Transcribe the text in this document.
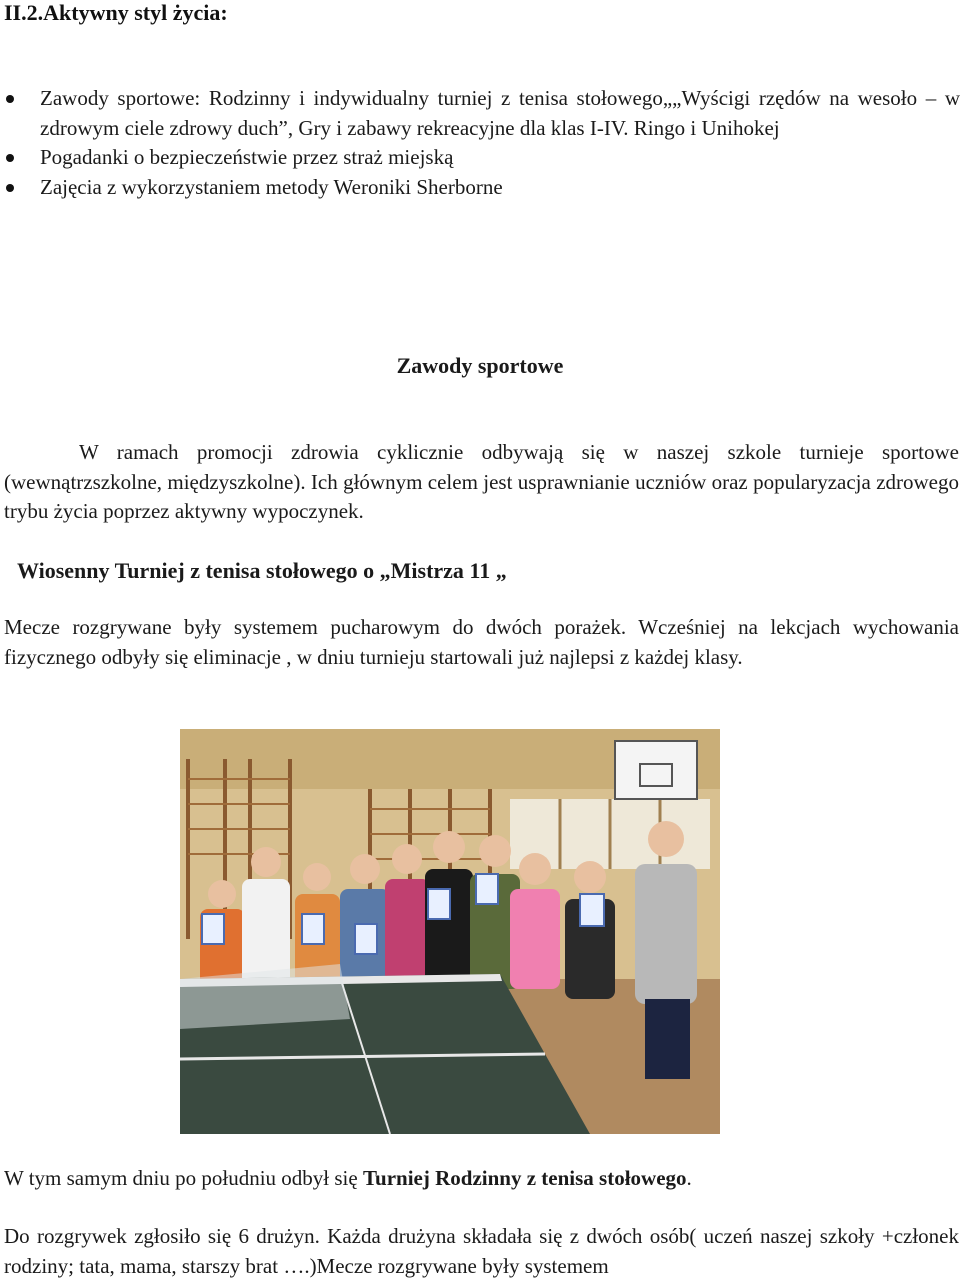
II.2.Aktywny styl życia:
Zawody sportowe: Rodzinny i indywidualny turniej z tenisa stołowego„„Wyścigi rzędów na wesoło – w zdrowym ciele zdrowy duch”, Gry i zabawy rekreacyjne dla klas I-IV. Ringo i Unihokej
Pogadanki o bezpieczeństwie przez straż miejską
Zajęcia z wykorzystaniem metody Weroniki Sherborne
Zawody sportowe

W ramach promocji zdrowia cyklicznie odbywają się w naszej szkole turnieje sportowe (wewnątrzszkolne, międzyszkolne). Ich głównym celem jest usprawnianie uczniów oraz popularyzacja zdrowego trybu życia poprzez aktywny wypoczynek.

Wiosenny Turniej z tenisa stołowego o „Mistrza 11 „

Mecze rozgrywane były systemem pucharowym do dwóch porażek. Wcześniej na lekcjach wychowania fizycznego odbyły się eliminacje , w dniu turnieju startowali już najlepsi z każdej klasy.

W tym samym dniu po południu odbył się Turniej Rodzinny z tenisa stołowego.

Do rozgrywek zgłosiło się 6 drużyn. Każda drużyna składała się z dwóch osób( uczeń naszej szkoły +członek rodziny; tata, mama, starszy brat ….)Mecze rozgrywane były systemem
